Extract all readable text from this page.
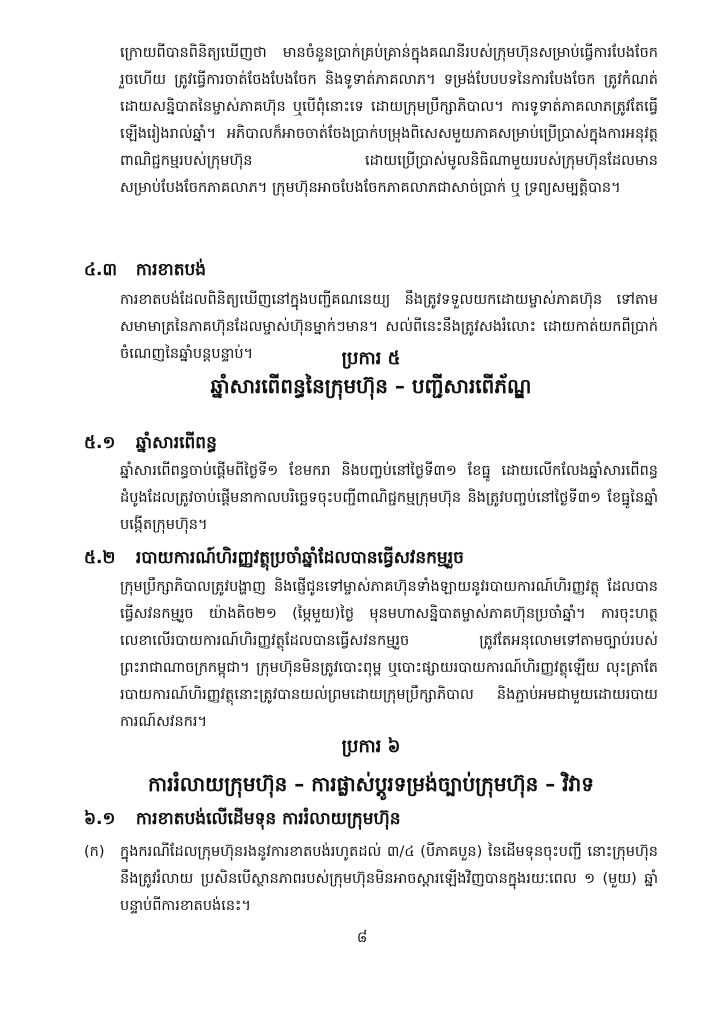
ក្រោយពីបានពិនិត្យឃើញថា មានចំនួនប្រាក់គ្រប់គ្រាន់ក្នុងគណនីរបស់ក្រុមហ៊ុនសម្រាប់ធ្វើការបែងចែករួចហើយ ត្រូវធ្វើការចាត់ចែងបែងចែក និងទូទាត់ភាគលាភ។ ទម្រង់បែបបទនៃការបែងចែក ត្រូវកំណត់ដោយសន្និបាតនៃម្ចាស់ភាគហ៊ុន ឬបើពុំនោះទេ ដោយក្រុមប្រឹក្សាភិបាល។ ការទូទាត់ភាគលាភត្រូវតែធ្វើឡើងរៀងរាល់ឆ្នាំ។ អភិបាលក៏អាចចាត់ចែងប្រាក់បម្រុងពិសេសមួយភាគសម្រាប់ប្រើប្រាស់ក្នុងការអនុវត្តពាណិជ្ជកម្មរបស់ក្រុមហ៊ុន ដោយប្រើប្រាស់មូលនិធិណាមួយរបស់ក្រុមហ៊ុនដែលមានសម្រាប់បែងចែកភាគលាភ។ ក្រុមហ៊ុនអាចបែងចែកភាគលាភជាសាច់ប្រាក់ ឬ ទ្រព្យសម្បត្តិបាន។

៤.៣ ការខាតបង់

ការខាតបង់ដែលពិនិត្យឃើញនៅក្នុងបញ្ជីគណនេយ្យ នឹងត្រូវទទួលយកដោយម្ចាស់ភាគហ៊ុន ទៅតាមសមាមាត្រនៃភាគហ៊ុនដែលម្ចាស់ហ៊ុនម្នាក់ៗមាន។ សល់ពីនេះនឹងត្រូវសងរំលោះ ដោយកាត់យកពីប្រាក់ចំណេញនៃឆ្នាំបន្តបន្ទាប់។	ប្រការ ៥
ឆ្នាំសារពើពន្ធនៃក្រុមហ៊ុន – បញ្ជីសារពើភ័ណ្ឌ
៥.១ ឆ្នាំសារពើពន្ធ

ឆ្នាំសារពើពន្ធចាប់ផ្តើមពីថ្ងៃទី១ ខែមករា និងបញ្ចប់នៅថ្ងៃទី៣១ ខែធ្នូ ដោយលើកលែងឆ្នាំសារពើពន្ធដំបូងដែលត្រូវចាប់ផ្តើមនាកាលបរិច្ឆេទចុះបញ្ជីពាណិជ្ជកម្មក្រុមហ៊ុន និងត្រូវបញ្ចប់នៅថ្ងៃទី៣១ ខែធ្នូនៃឆ្នាំបង្កើតក្រុមហ៊ុន។

៥.២ របាយការណ៍ហិរញ្ញវត្ថុប្រចាំឆ្នាំដែលបានធ្វើសវនកម្មរួច

ក្រុមប្រឹក្សាភិបាលត្រូវបង្ហាញ និងផ្ញើជូនទៅម្ចាស់ភាគហ៊ុនទាំងឡាយនូវរបាយការណ៍ហិរញ្ញវត្ថុ ដែលបានធ្វើសវនកម្មរួច យ៉ាងតិច២១ (ម្ភៃមួយ)ថ្ងៃ មុនមហាសន្និបាតម្ចាស់ភាគហ៊ុនប្រចាំឆ្នាំ។ ការចុះហត្ថលេខាលើរបាយការណ៍ហិរញ្ញវត្ថុដែលបានធ្វើសវនកម្មរួច ត្រូវតែអនុលោមទៅតាមច្បាប់របស់ព្រះរាជាណាចក្រកម្ពុជា។ ក្រុមហ៊ុនមិនត្រូវបោះពុម្ព ឬបោះផ្សាយរបាយការណ៍ហិរញ្ញវត្ថុឡើយ លុះត្រាតែរបាយការណ៍ហិរញ្ញវត្ថុនោះត្រូវបានយល់ព្រមដោយក្រុមប្រឹក្សាភិបាល និងភ្ជាប់អមជាមួយដោយរបាយការណ៍សវនករ។

ប្រការ ៦
ការរំលាយក្រុមហ៊ុន – ការផ្លាស់ប្តូរទម្រង់ច្បាប់ក្រុមហ៊ុន – វិវាទ
៦.១ ការខាតបង់លើដើមទុន ការរំលាយក្រុមហ៊ុន
(ក) ក្នុងករណីដែលក្រុមហ៊ុនរងនូវការខាតបង់រហូតដល់ ៣/៤ (បីភាគបួន) នៃដើមទុនចុះបញ្ជី នោះក្រុមហ៊ុននឹងត្រូវរំលាយ ប្រសិនបើស្ថានភាពរបស់ក្រុមហ៊ុនមិនអាចស្តារឡើងវិញបានក្នុងរយៈពេល ១ (មួយ) ឆ្នាំបន្ទាប់ពីការខាតបង់នេះ។

៨
